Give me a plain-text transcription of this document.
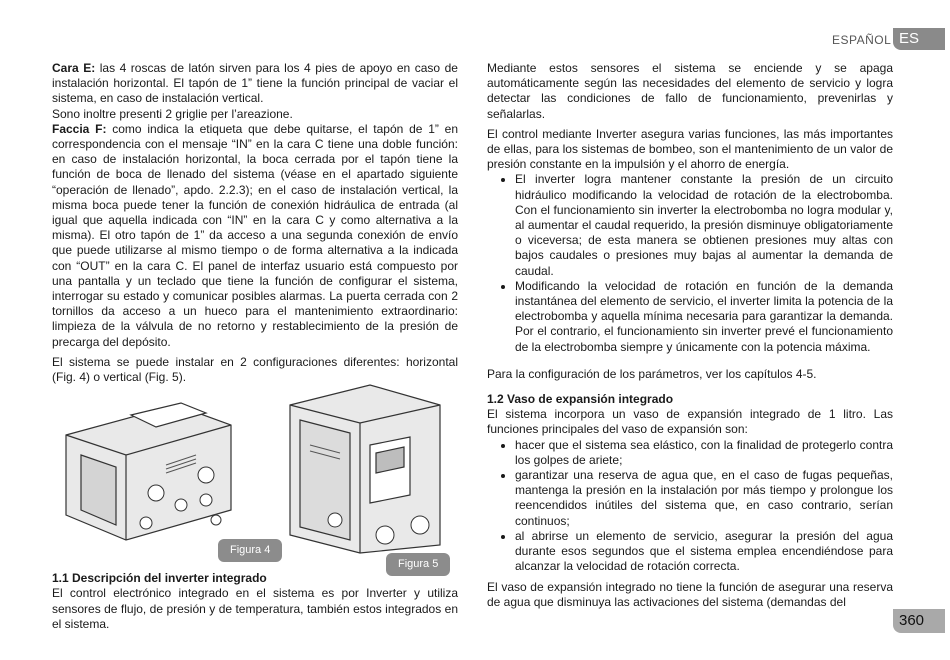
ESPAÑOL ES

Cara E: las 4 roscas de latón sirven para los 4 pies de apoyo en caso de instalación horizontal. El tapón de 1” tiene la función principal de vaciar el sistema, en caso de instalación vertical.

Sono inoltre presenti 2 griglie per l’areazione.

Faccia F: como indica la etiqueta que debe quitarse, el tapón de 1” en correspondencia con el mensaje “IN” en la cara C tiene una doble función: en caso de instalación horizontal, la boca cerrada por el tapón tiene la función de boca de llenado del sistema (véase en el apartado siguiente “operación de llenado”, apdo. 2.2.3); en el caso de instalación vertical, la misma boca puede tener la función de conexión hidráulica de entrada (al igual que aquella indicada con “IN” en la cara C y como alternativa a la misma). El otro tapón de 1” da acceso a una segunda conexión de envío que puede utilizarse al mismo tiempo o de forma alternativa a la indicada con “OUT” en la cara C. El panel de interfaz usuario está compuesto por una pantalla y un teclado que tiene la función de configurar el sistema, interrogar su estado y comunicar posibles alarmas. La puerta cerrada con 2 tornillos da acceso a un hueco para el mantenimiento extraordinario: limpieza de la válvula de no retorno y restablecimiento de la presión de precarga del depósito.

El sistema se puede instalar en 2 configuraciones diferentes: horizontal (Fig. 4) o vertical (Fig. 5).

Figura 4
Figura 5

1.1 Descripción del inverter integrado

El control electrónico integrado en el sistema es por Inverter y utiliza sensores de flujo, de presión y de temperatura, también estos integrados en el sistema.

Mediante estos sensores el sistema se enciende y se apaga automáticamente según las necesidades del elemento de servicio y logra detectar las condiciones de fallo de funcionamiento, prevenirlas y señalarlas.

El control mediante Inverter asegura varias funciones, las más importantes de ellas, para los sistemas de bombeo, son el mantenimiento de un valor de presión constante en la impulsión y el ahorro de energía.

• El inverter logra mantener constante la presión de un circuito hidráulico modificando la velocidad de rotación de la electrobomba. Con el funcionamiento sin inverter la electrobomba no logra modular y, al aumentar el caudal requerido, la presión disminuye obligatoriamente o viceversa; de esta manera se obtienen presiones muy altas con bajos caudales o presiones muy bajas al aumentar la demanda de caudal.
• Modificando la velocidad de rotación en función de la demanda instantánea del elemento de servicio, el inverter limita la potencia de la electrobomba y aquella mínima necesaria para garantizar la demanda. Por el contrario, el funcionamiento sin inverter prevé el funcionamiento de la electrobomba siempre y únicamente con la potencia máxima.

Para la configuración de los parámetros, ver los capítulos 4-5.

1.2 Vaso de expansión integrado

El sistema incorpora un vaso de expansión integrado de 1 litro. Las funciones principales del vaso de expansión son:

• hacer que el sistema sea elástico, con la finalidad de protegerlo contra los golpes de ariete;
• garantizar una reserva de agua que, en el caso de fugas pequeñas, mantenga la presión en la instalación por más tiempo y prolongue los reencendidos inútiles del sistema que, en caso contrario, serían continuos;
• al abrirse un elemento de servicio, asegurar la presión del agua durante esos segundos que el sistema emplea encendiéndose para alcanzar la velocidad de rotación correcta.

El vaso de expansión integrado no tiene la función de asegurar una reserva de agua que disminuya las activaciones del sistema (demandas del

360
